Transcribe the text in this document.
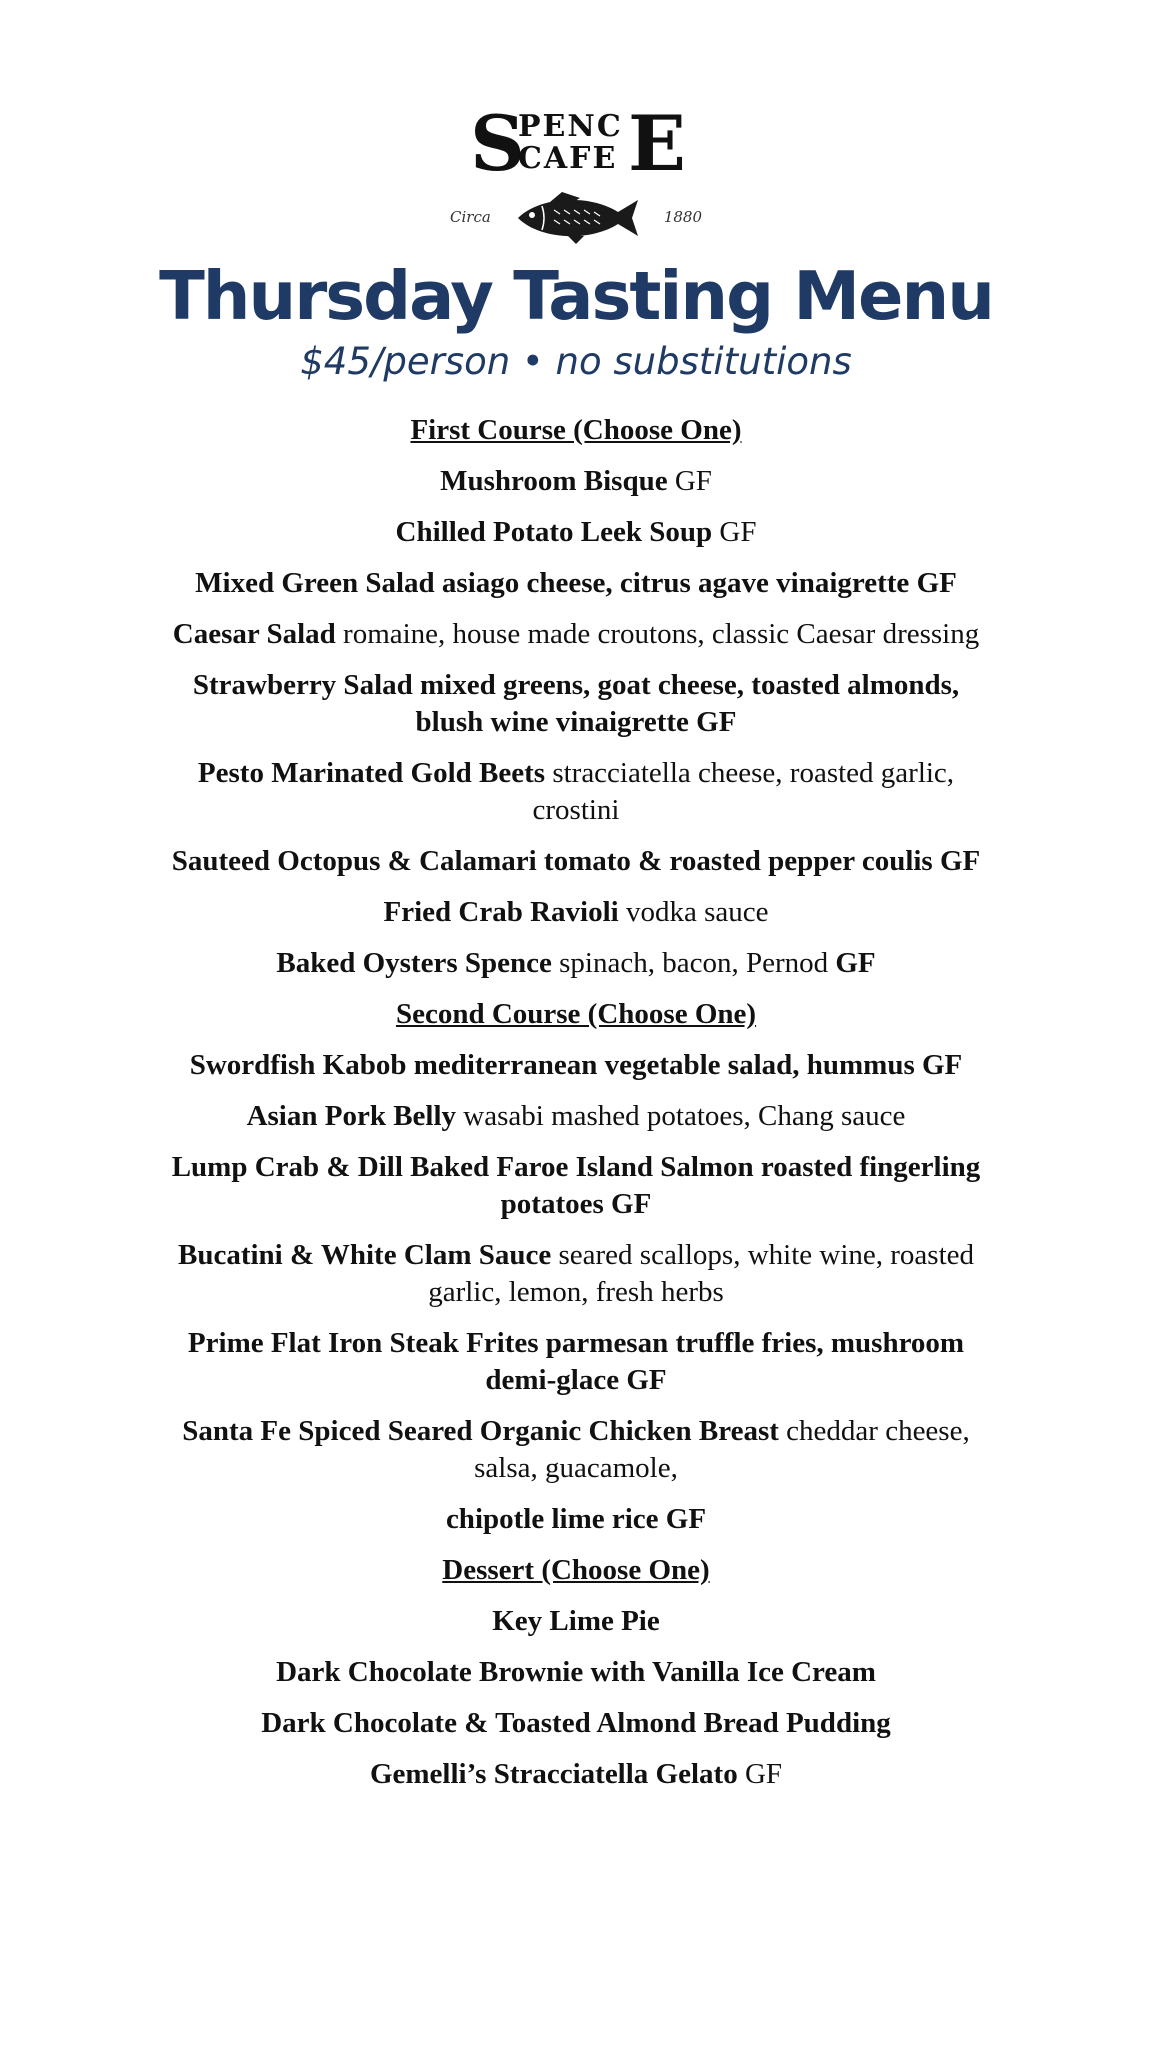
S
PENC
CAFE E
Circa	1880
Thursday Tasting Menu
$45/person • no substitutions
First Course (Choose One)
Mushroom Bisque GF
Chilled Potato Leek Soup GF
Mixed Green Salad asiago cheese, citrus agave vinaigrette GF
Caesar Salad romaine, house made croutons, classic Caesar dressing
Strawberry Salad mixed greens, goat cheese, toasted almonds, blush wine vinaigrette GF
Pesto Marinated Gold Beets stracciatella cheese, roasted garlic, crostini
Sauteed Octopus & Calamari tomato & roasted pepper coulis GF
Fried Crab Ravioli vodka sauce
Baked Oysters Spence spinach, bacon, Pernod GF
Second Course (Choose One)
Swordfish Kabob mediterranean vegetable salad, hummus GF
Asian Pork Belly wasabi mashed potatoes, Chang sauce
Lump Crab & Dill Baked Faroe Island Salmon roasted fingerling potatoes GF
Bucatini & White Clam Sauce seared scallops, white wine, roasted garlic, lemon, fresh herbs
Prime Flat Iron Steak Frites parmesan truffle fries, mushroom demi-glace GF
Santa Fe Spiced Seared Organic Chicken Breast cheddar cheese, salsa, guacamole,
chipotle lime rice GF
Dessert (Choose One)
Key Lime Pie
Dark Chocolate Brownie with Vanilla Ice Cream
Dark Chocolate & Toasted Almond Bread Pudding
Gemelli’s Stracciatella Gelato GF
